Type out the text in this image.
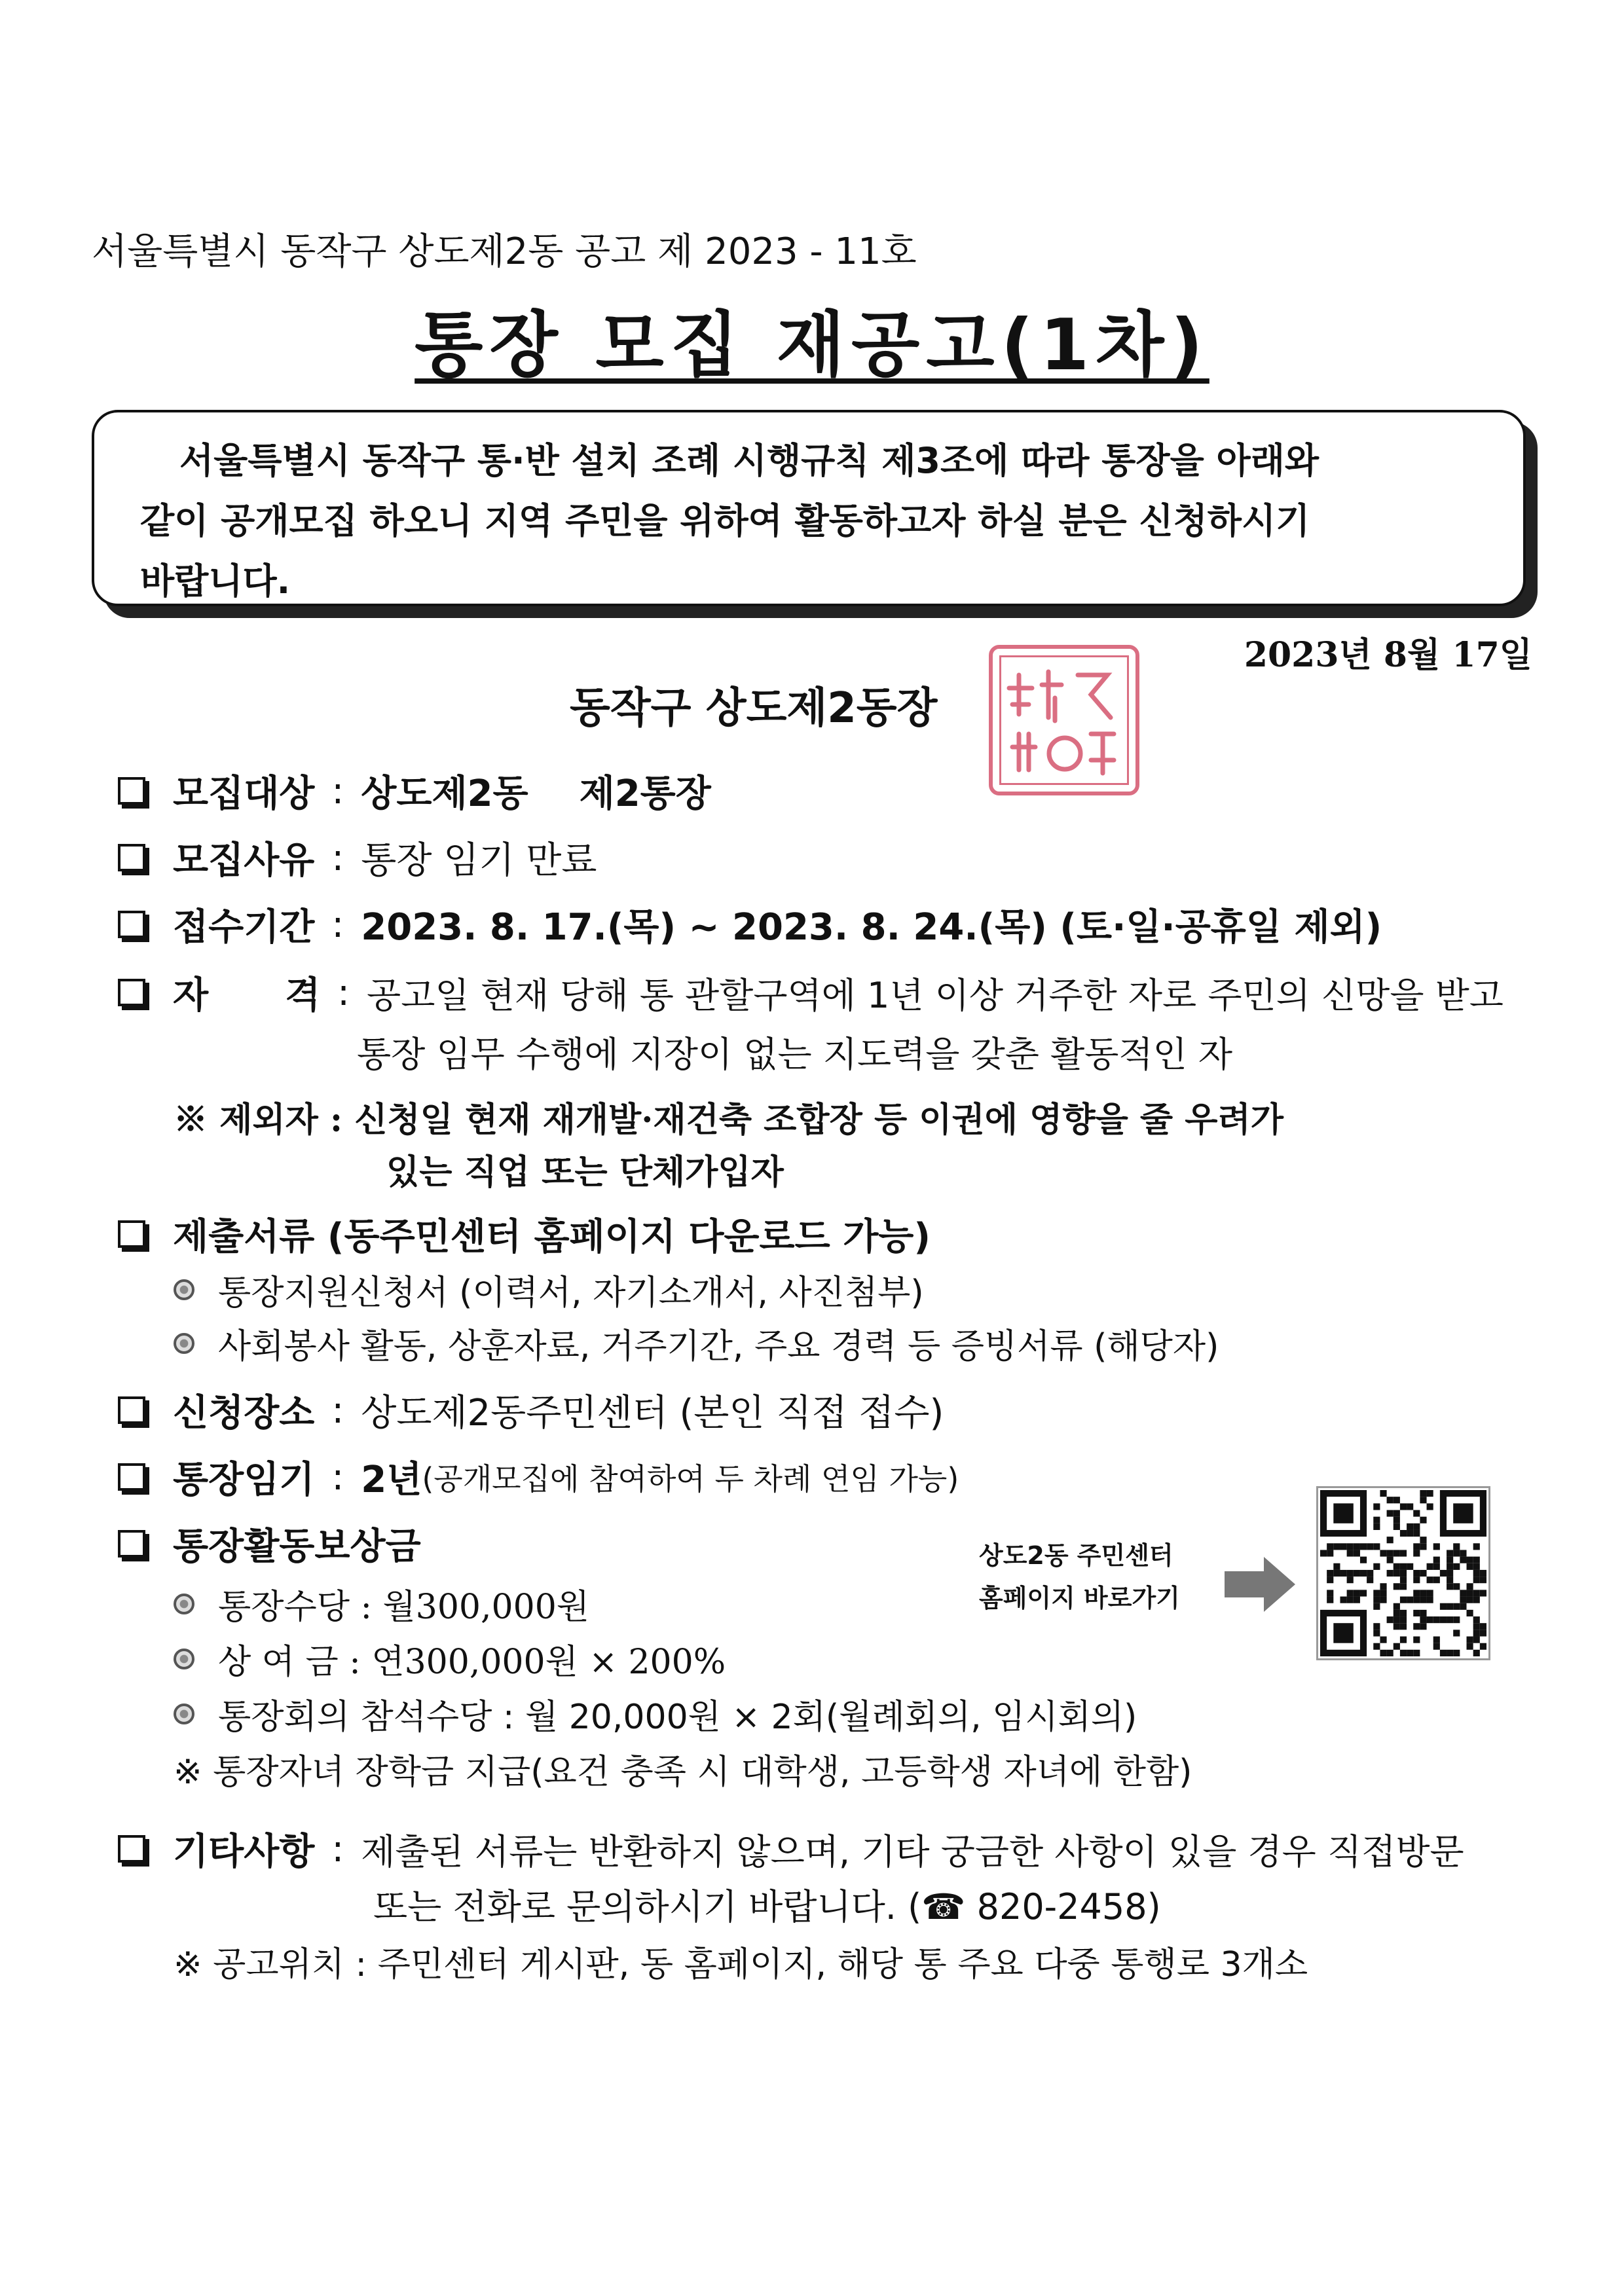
서울특별시 동작구 상도제2동 공고 제 2023 - 11호
통장 모집 재공고(1차)
서울특별시 동작구 통·반 설치 조례 시행규칙 제3조에 따라 통장을 아래와
같이 공개모집 하오니 지역 주민을 위하여 활동하고자 하실 분은 신청하시기
바랍니다.
2023년 8월 17일
동작구 상도제2동장
모집대상 : 상도제2동    제2통장
모집사유 : 통장 임기 만료
접수기간 : 2023. 8. 17.(목) ~ 2023. 8. 24.(목) (토·일·공휴일 제외)
자      격 : 공고일 현재 당해 통 관할구역에 1년 이상 거주한 자로 주민의 신망을 받고
통장 임무 수행에 지장이 없는 지도력을 갖춘 활동적인 자
※ 제외자 : 신청일 현재 재개발·재건축 조합장 등 이권에 영향을 줄 우려가
있는 직업 또는 단체가입자
제출서류 (동주민센터 홈페이지 다운로드 가능)
통장지원신청서 (이력서, 자기소개서, 사진첨부)
사회봉사 활동, 상훈자료, 거주기간, 주요 경력 등 증빙서류 (해당자)
신청장소 : 상도제2동주민센터 (본인 직접 접수)
통장임기 : 2년 (공개모집에 참여하여 두 차례 연임 가능)
통장활동보상금
통장수당 : 월300,000원
상 여 금 : 연300,000원 × 200%
통장회의 참석수당 : 월 20,000원 × 2회(월례회의, 임시회의)
※ 통장자녀 장학금 지급(요건 충족 시 대학생, 고등학생 자녀에 한함)
상도2동 주민센터
홈페이지 바로가기
기타사항 : 제출된 서류는 반환하지 않으며, 기타 궁금한 사항이 있을 경우 직접방문
또는 전화로 문의하시기 바랍니다. (☎ 820-2458)
※ 공고위치 : 주민센터 게시판, 동 홈페이지, 해당 통 주요 다중 통행로 3개소
